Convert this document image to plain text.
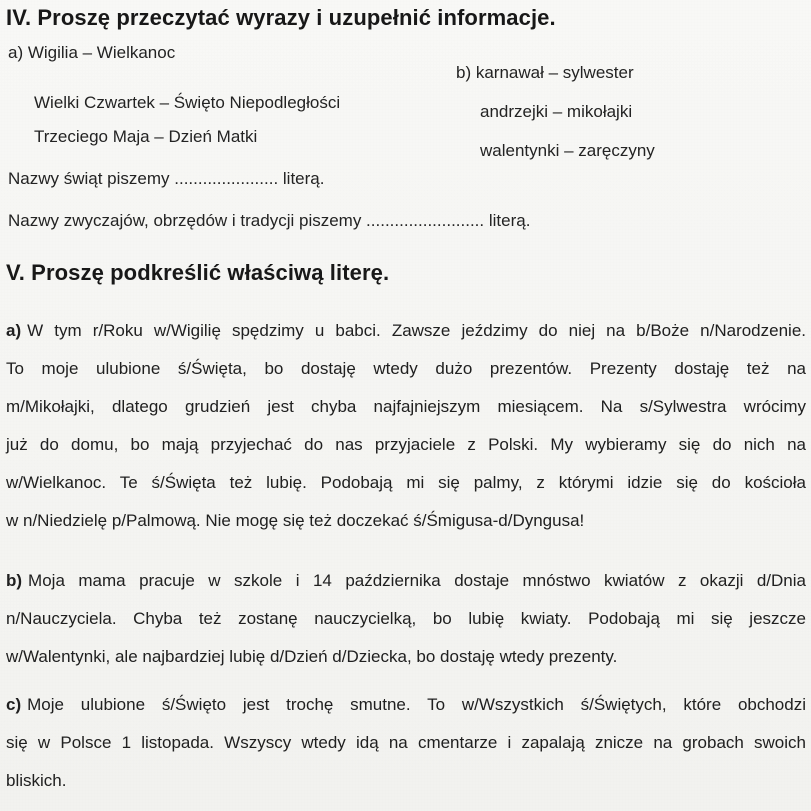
IV. Proszę przeczytać wyrazy i uzupełnić informacje.
a) Wigilia – Wielkanoc
Wielki Czwartek – Święto Niepodległości
Trzeciego Maja – Dzień Matki
b) karnawał – sylwester
andrzejki – mikołajki
walentynki – zaręczyny
Nazwy świąt piszemy ...................... literą.
Nazwy zwyczajów, obrzędów i tradycji piszemy ......................... literą.
V. Proszę podkreślić właściwą literę.
a) W tym r/Roku w/Wigilię spędzimy u babci. Zawsze jeździmy do niej na b/Boże n/Narodzenie.
To moje ulubione ś/Święta, bo dostaję wtedy dużo prezentów. Prezenty dostaję też na
m/Mikołajki, dlatego grudzień jest chyba najfajniejszym miesiącem. Na s/Sylwestra wrócimy
już do domu, bo mają przyjechać do nas przyjaciele z Polski. My wybieramy się do nich na
w/Wielkanoc. Te ś/Święta też lubię. Podobają mi się palmy, z którymi idzie się do kościoła
w n/Niedzielę p/Palmową. Nie mogę się też doczekać ś/Śmigusa-d/Dyngusa!
b) Moja mama pracuje w szkole i 14 października dostaje mnóstwo kwiatów z okazji d/Dnia
n/Nauczyciela. Chyba też zostanę nauczycielką, bo lubię kwiaty. Podobają mi się jeszcze
w/Walentynki, ale najbardziej lubię d/Dzień d/Dziecka, bo dostaję wtedy prezenty.
c) Moje ulubione ś/Święto jest trochę smutne. To w/Wszystkich ś/Świętych, które obchodzi
się w Polsce 1 listopada. Wszyscy wtedy idą na cmentarze i zapalają znicze na grobach swoich
bliskich.
